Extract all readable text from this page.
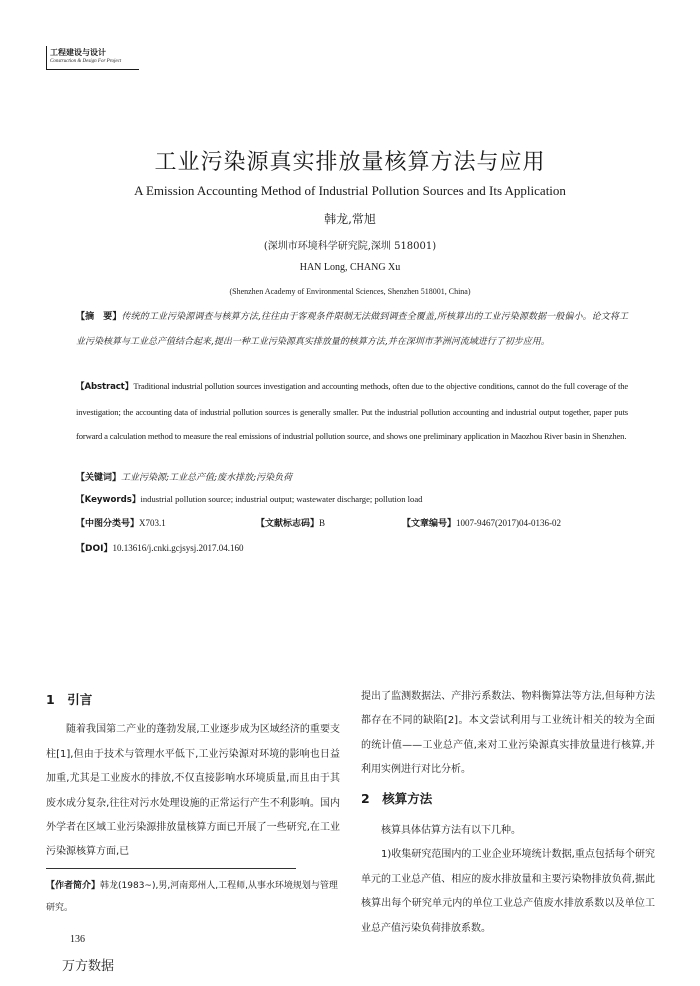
工程建设与设计
Construction & Design For Project
工业污染源真实排放量核算方法与应用
A Emission Accounting Method of Industrial Pollution Sources and Its Application
韩龙,常旭
(深圳市环境科学研究院,深圳 518001)
HAN Long, CHANG Xu
(Shenzhen Academy of Environmental Sciences, Shenzhen 518001, China)
【摘　要】传统的工业污染源调查与核算方法,往往由于客观条件限制无法做到调查全覆盖,所核算出的工业污染源数据一般偏小。论文将工业污染核算与工业总产值结合起来,提出一种工业污染源真实排放量的核算方法,并在深圳市茅洲河流域进行了初步应用。
【Abstract】Traditional industrial pollution sources investigation and accounting methods, often due to the objective conditions, cannot do the full coverage of the investigation; the accounting data of industrial pollution sources is generally smaller. Put the industrial pollution accounting and industrial output together, paper puts forward a calculation method to measure the real emissions of industrial pollution source, and shows one preliminary application in Maozhou River basin in Shenzhen.
【关键词】工业污染源;工业总产值;废水排放;污染负荷
【Keywords】industrial pollution source; industrial output; wastewater discharge; pollution load
【中图分类号】X703.1	【文献标志码】B	【文章编号】1007-9467(2017)04-0136-02
【DOI】10.13616/j.cnki.gcjsysj.2017.04.160
1　引言

随着我国第二产业的蓬勃发展,工业逐步成为区域经济的重要支柱[1],但由于技术与管理水平低下,工业污染源对环境的影响也日益加重,尤其是工业废水的排放,不仅直接影响水环境质量,而且由于其废水成分复杂,往往对污水处理设施的正常运行产生不利影响。国内外学者在区域工业污染源排放量核算方面已开展了一些研究,在工业污染源核算方面,已

提出了监测数据法、产排污系数法、物料衡算法等方法,但每种方法都存在不同的缺陷[2]。本文尝试利用与工业统计相关的较为全面的统计值——工业总产值,来对工业污染源真实排放量进行核算,并利用实例进行对比分析。

2　核算方法

核算具体估算方法有以下几种。

1)收集研究范围内的工业企业环境统计数据,重点包括每个研究单元的工业总产值、相应的废水排放量和主要污染物排放负荷,据此核算出每个研究单元内的单位工业总产值废水排放系数以及单位工业总产值污染负荷排放系数。

【作者简介】韩龙(1983~),男,河南郑州人,工程师,从事水环境规划与管理研究。
136
万方数据
